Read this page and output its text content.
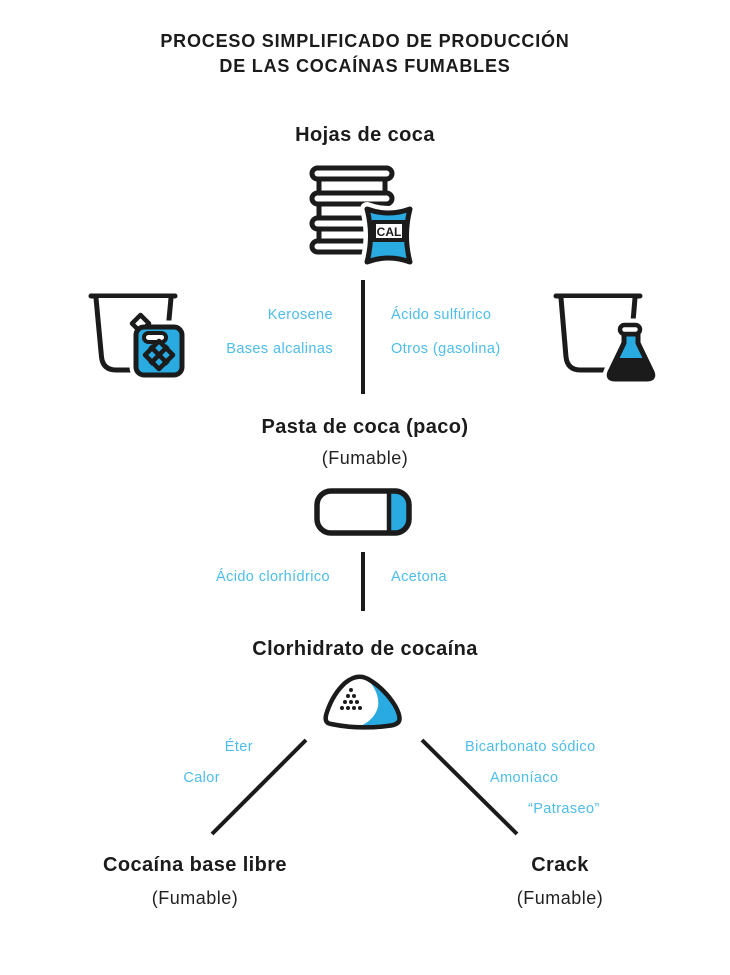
PROCESO SIMPLIFICADO DE PRODUCCIÓN
DE LAS COCAÍNAS FUMABLES
Hojas de coca
CAL
Kerosene
Bases alcalinas
Ácido sulfúrico
Otros (gasolina)
Pasta de coca (paco)
(Fumable)
Ácido clorhídrico	Acetona
Clorhidrato de cocaína
Éter
Calor
Bicarbonato sódico
Amoníaco
“Patraseo”
Cocaína base libre
(Fumable)
Crack
(Fumable)
